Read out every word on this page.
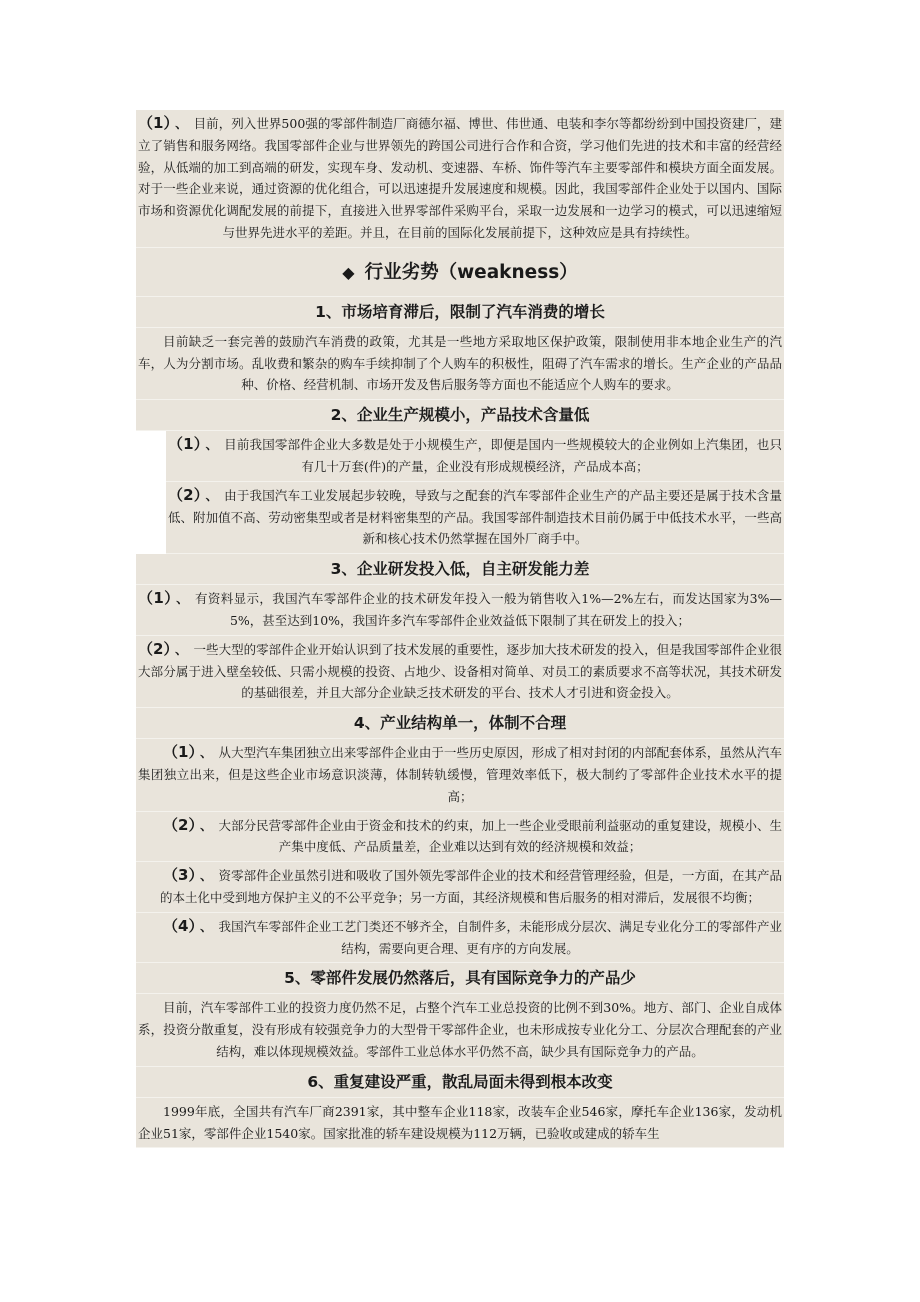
（1） 、 目前，列入世界500强的零部件制造厂商德尔福、博世、伟世通、电装和李尔等都纷纷到中国投资建厂，建立了销售和服务网络。我国零部件企业与世界领先的跨国公司进行合作和合资，学习他们先进的技术和丰富的经营经验，从低端的加工到高端的研发，实现车身、发动机、变速器、车桥、饰件等汽车主要零部件和模块方面全面发展。对于一些企业来说，通过资源的优化组合，可以迅速提升发展速度和规模。因此，我国零部件企业处于以国内、国际市场和资源优化调配发展的前提下，直接进入世界零部件采购平台，采取一边发展和一边学习的模式，可以迅速缩短与世界先进水平的差距。并且，在目前的国际化发展前提下，这种效应是具有持续性。
◆ 行业劣势（weakness）
1、市场培育滞后，限制了汽车消费的增长
目前缺乏一套完善的鼓励汽车消费的政策，尤其是一些地方采取地区保护政策，限制使用非本地企业生产的汽车，人为分割市场。乱收费和繁杂的购车手续抑制了个人购车的积极性，阻碍了汽车需求的增长。生产企业的产品品种、价格、经营机制、市场开发及售后服务等方面也不能适应个人购车的要求。
2、企业生产规模小，产品技术含量低
（1） 、 目前我国零部件企业大多数是处于小规模生产，即便是国内一些规模较大的企业例如上汽集团，也只有几十万套(件)的产量，企业没有形成规模经济，产品成本高；
（2） 、 由于我国汽车工业发展起步较晚，导致与之配套的汽车零部件企业生产的产品主要还是属于技术含量低、附加值不高、劳动密集型或者是材料密集型的产品。我国零部件制造技术目前仍属于中低技术水平，一些高新和核心技术仍然掌握在国外厂商手中。
3、企业研发投入低，自主研发能力差
（1） 、 有资料显示，我国汽车零部件企业的技术研发年投入一般为销售收入1%—2%左右，而发达国家为3%—5%，甚至达到10%，我国许多汽车零部件企业效益低下限制了其在研发上的投入；
（2） 、 一些大型的零部件企业开始认识到了技术发展的重要性，逐步加大技术研发的投入，但是我国零部件企业很大部分属于进入壁垒较低、只需小规模的投资、占地少、设备相对简单、对员工的素质要求不高等状况，其技术研发的基础很差，并且大部分企业缺乏技术研发的平台、技术人才引进和资金投入。
4、产业结构单一，体制不合理
（1） 、 从大型汽车集团独立出来零部件企业由于一些历史原因，形成了相对封闭的内部配套体系，虽然从汽车集团独立出来，但是这些企业市场意识淡薄，体制转轨缓慢，管理效率低下，极大制约了零部件企业技术水平的提高；
（2） 、 大部分民营零部件企业由于资金和技术的约束，加上一些企业受眼前利益驱动的重复建设，规模小、生产集中度低、产品质量差，企业难以达到有效的经济规模和效益；
（3） 、 资零部件企业虽然引进和吸收了国外领先零部件企业的技术和经营管理经验，但是，一方面，在其产品的本土化中受到地方保护主义的不公平竞争；另一方面，其经济规模和售后服务的相对滞后，发展很不均衡；
（4） 、 我国汽车零部件企业工艺门类还不够齐全，自制件多，未能形成分层次、满足专业化分工的零部件产业结构，需要向更合理、更有序的方向发展。
5、零部件发展仍然落后，具有国际竞争力的产品少
目前，汽车零部件工业的投资力度仍然不足，占整个汽车工业总投资的比例不到30%。地方、部门、企业自成体系，投资分散重复，没有形成有较强竞争力的大型骨干零部件企业，也未形成按专业化分工、分层次合理配套的产业结构，难以体现规模效益。零部件工业总体水平仍然不高，缺少具有国际竞争力的产品。
6、重复建设严重，散乱局面未得到根本改变
1999年底，全国共有汽车厂商2391家，其中整车企业118家，改装车企业546家，摩托车企业136家，发动机企业51家，零部件企业1540家。国家批准的轿车建设规模为112万辆，已验收或建成的轿车生
